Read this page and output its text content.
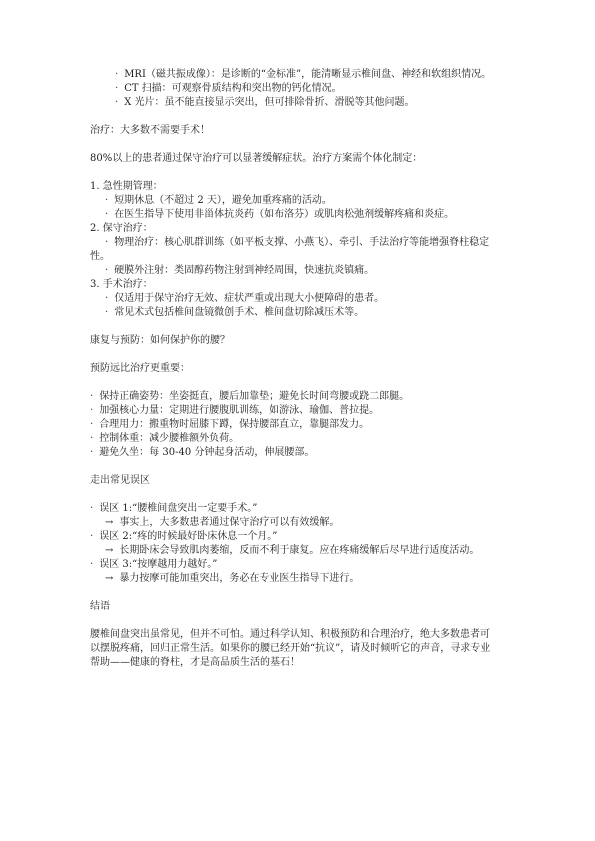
· MRI（磁共振成像）：是诊断的“金标准”，能清晰显示椎间盘、神经和软组织情况。
· CT 扫描：可观察骨质结构和突出物的钙化情况。
· X 光片：虽不能直接显示突出，但可排除骨折、滑脱等其他问题。
治疗：大多数不需要手术！
80%以上的患者通过保守治疗可以显著缓解症状。治疗方案需个体化制定：
1. 急性期管理：
· 短期休息（不超过 2 天），避免加重疼痛的活动。
· 在医生指导下使用非甾体抗炎药（如布洛芬）或肌肉松弛剂缓解疼痛和炎症。
2. 保守治疗：
· 物理治疗：核心肌群训练（如平板支撑、小燕飞）、牵引、手法治疗等能增强脊柱稳定
性。
· 硬膜外注射：类固醇药物注射到神经周围，快速抗炎镇痛。
3. 手术治疗：
· 仅适用于保守治疗无效、症状严重或出现大小便障碍的患者。
· 常见术式包括椎间盘镜微创手术、椎间盘切除减压术等。
康复与预防：如何保护你的腰？
预防远比治疗更重要：
· 保持正确姿势：坐姿挺直，腰后加靠垫；避免长时间弯腰或跷二郎腿。
· 加强核心力量：定期进行腰腹肌训练，如游泳、瑜伽、普拉提。
· 合理用力：搬重物时屈膝下蹲，保持腰部直立，靠腿部发力。
· 控制体重：减少腰椎额外负荷。
· 避免久坐：每 30-40 分钟起身活动，伸展腰部。
走出常见误区
· 误区 1:“腰椎间盘突出一定要手术。”
→ 事实上，大多数患者通过保守治疗可以有效缓解。
· 误区 2:“疼的时候最好卧床休息一个月。”
→ 长期卧床会导致肌肉萎缩，反而不利于康复。应在疼痛缓解后尽早进行适度活动。
· 误区 3:“按摩越用力越好。”
→ 暴力按摩可能加重突出，务必在专业医生指导下进行。
结语
腰椎间盘突出虽常见，但并不可怕。通过科学认知、积极预防和合理治疗，绝大多数患者可
以摆脱疼痛，回归正常生活。如果你的腰已经开始“抗议”，请及时倾听它的声音，寻求专业
帮助——健康的脊柱，才是高品质生活的基石！
